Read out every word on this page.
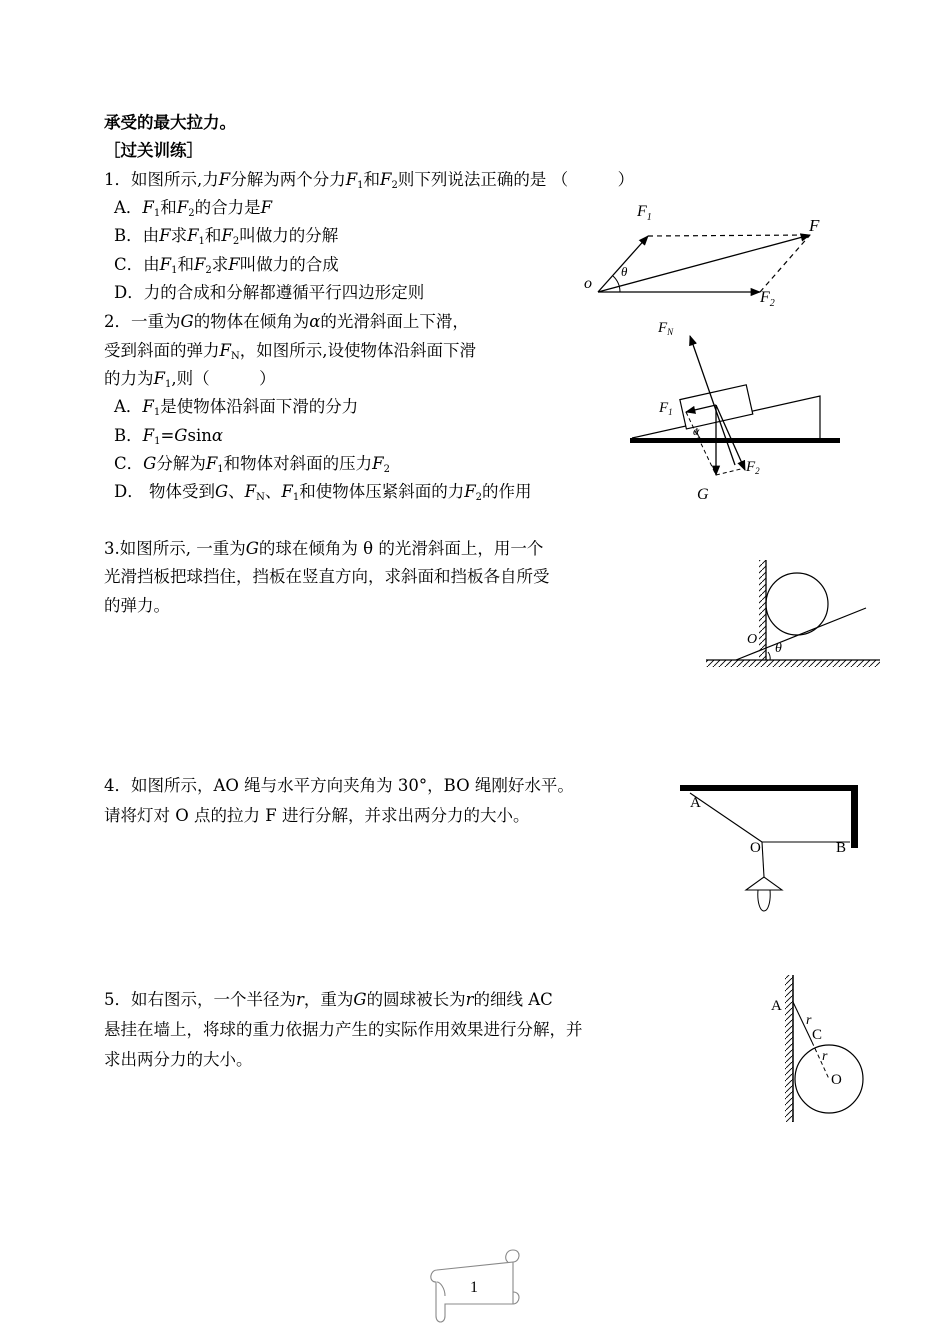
承受的最大拉力。
［过关训练］
1．如图所示,力F分解为两个分力$F_1$和$F_2$则下列说法正确的是 （　　　）
A．$F_1$和$F_2$的合力是F
B．由F求$F_1$和$F_2$叫做力的分解
C．由$F_1$和$F_2$求F叫做力的合成
D．力的合成和分解都遵循平行四边形定则
2．一重为G的物体在倾角为α的光滑斜面上下滑，
受到斜面的弹力$F_N$，如图所示,设使物体沿斜面下滑
的力为$F_1$,则（　　　）
A．$F_1$是使物体沿斜面下滑的分力
B．$F_1=Gsin\alpha$
C．G分解为$F_1$和物体对斜面的压力$F_2$
D． 物体受到G、$F_N$、$F_1$和使物体压紧斜面的力$F_2$的作用
3.如图所示, 一重为G的球在倾角为 θ 的光滑斜面上，用一个
光滑挡板把球挡住，挡板在竖直方向，求斜面和挡板各自所受
的弹力。
4．如图所示，AO 绳与水平方向夹角为 30°，BO 绳刚好水平。
请将灯对 O 点的拉力 F 进行分解，并求出两分力的大小。
5．如右图示，一个半径为r，重为G的圆球被长为r的细线 AC
悬挂在墙上，将球的重力依据力产生的实际作用效果进行分解，并
求出两分力的大小。
$F_1$	F
$F_2$
o
θ
$F_N$
$F_1$
$F_2$
G
α
O
θ
A
O	B
A
r
C
r
O
1
